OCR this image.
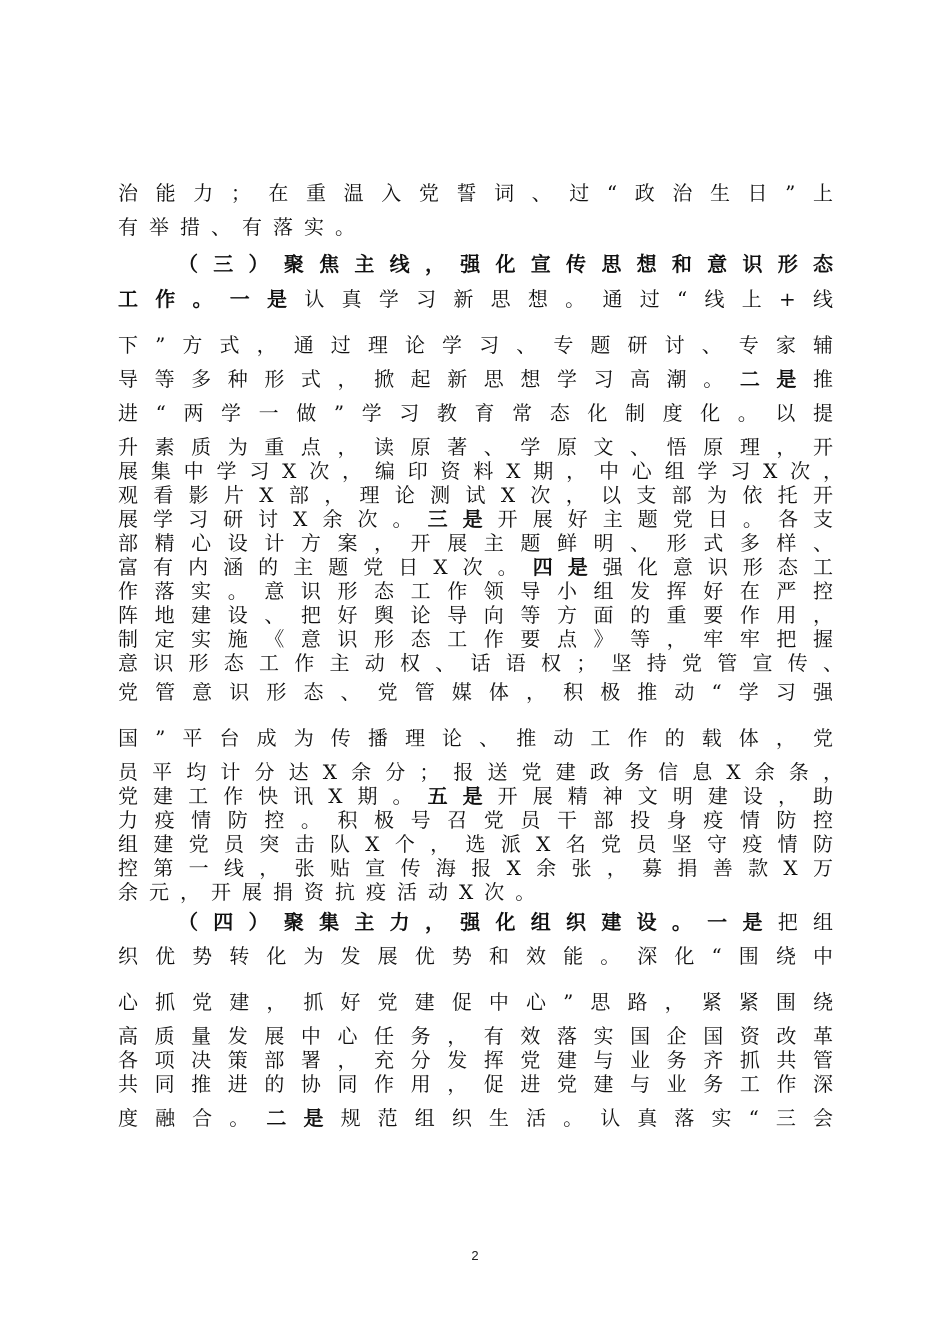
治能力；在重温入党誓词、过“政治生日”上
有举措、有落实。
（三）聚焦主线，强化宣传思想和意识形态
工作。一是认真学习新思想。通过“线上+线
下”方式，通过理论学习、专题研讨、专家辅
导等多种形式，掀起新思想学习高潮。二是推
进“两学一做”学习教育常态化制度化。以提
升素质为重点，读原著、学原文、悟原理，开
展集中学习X次，编印资料X期，中心组学习X次，
观看影片X部，理论测试X次，以支部为依托开
展学习研讨X余次。三是开展好主题党日。各支
部精心设计方案，开展主题鲜明、形式多样、
富有内涵的主题党日X次。四是强化意识形态工
作落实。意识形态工作领导小组发挥好在严控
阵地建设、把好舆论导向等方面的重要作用，
制定实施《意识形态工作要点》等，牢牢把握
意识形态工作主动权、话语权；坚持党管宣传、
党管意识形态、党管媒体，积极推动“学习强
国”平台成为传播理论、推动工作的载体，党
员平均计分达X余分；报送党建政务信息X余条，
党建工作快讯X期。五是开展精神文明建设，助
力疫情防控。积极号召党员干部投身疫情防控
组建党员突击队X个，选派X名党员坚守疫情防
控第一线，张贴宣传海报X余张，募捐善款X万
余元，开展捐资抗疫活动X次。
（四）聚集主力，强化组织建设。一是把组
织优势转化为发展优势和效能。深化“围绕中
心抓党建，抓好党建促中心”思路，紧紧围绕
高质量发展中心任务，有效落实国企国资改革
各项决策部署，充分发挥党建与业务齐抓共管
共同推进的协同作用，促进党建与业务工作深
度融合。二是规范组织生活。认真落实“三会
2
